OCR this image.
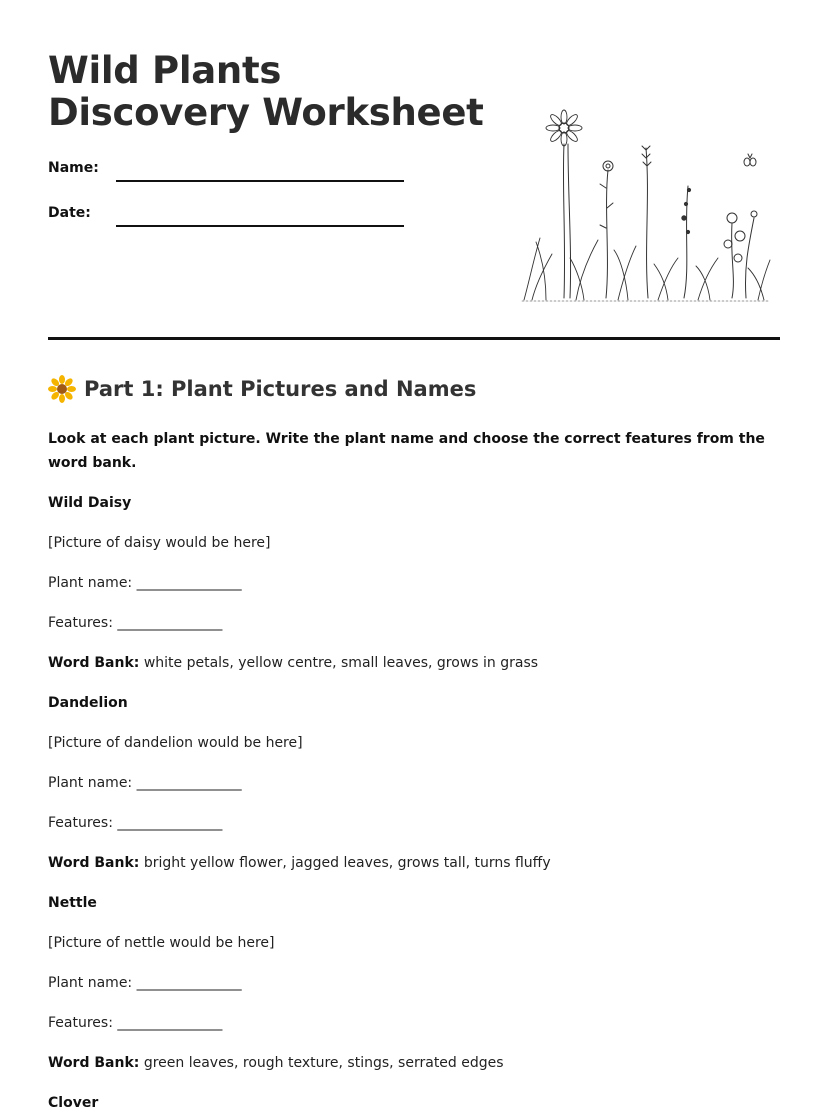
Wild Plants Discovery Worksheet
Name:
Date:
Part 1: Plant Pictures and Names
Look at each plant picture. Write the plant name and choose the correct features from the word bank.
Wild Daisy
[Picture of daisy would be here]
Plant name: _______________
Features: _______________
Word Bank: white petals, yellow centre, small leaves, grows in grass
Dandelion
[Picture of dandelion would be here]
Plant name: _______________
Features: _______________
Word Bank: bright yellow flower, jagged leaves, grows tall, turns fluffy
Nettle
[Picture of nettle would be here]
Plant name: _______________
Features: _______________
Word Bank: green leaves, rough texture, stings, serrated edges
Clover
